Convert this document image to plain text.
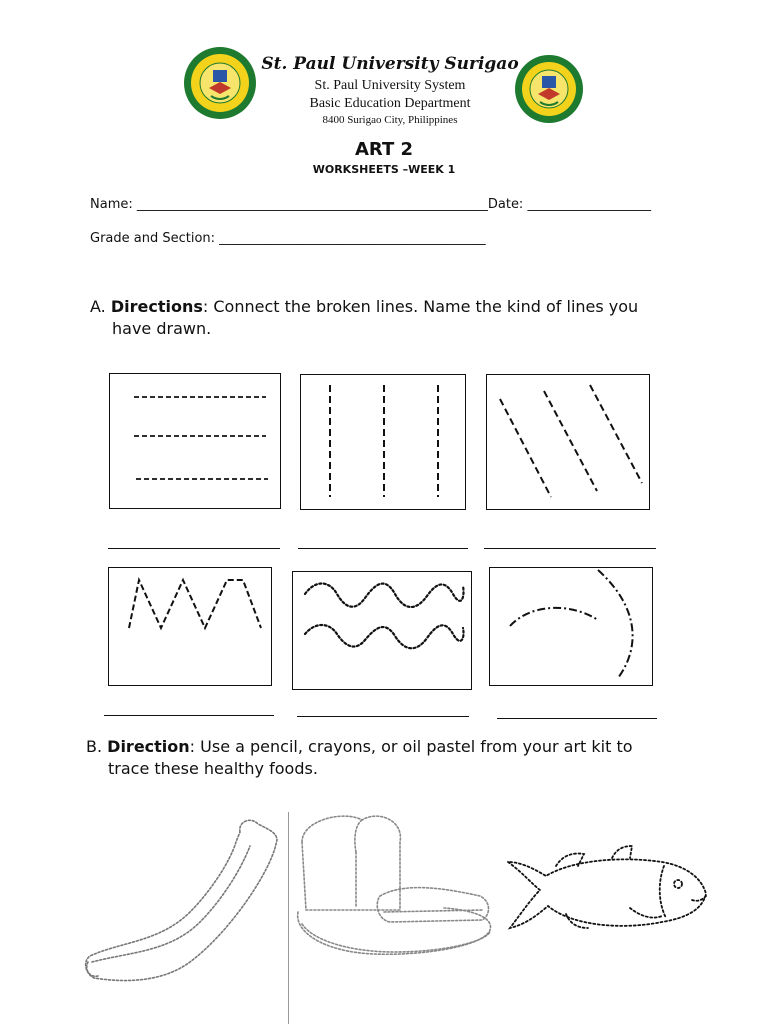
St. Paul University Surigao
St. Paul University System
Basic Education Department
8400 Surigao City, Philippines
ART 2
WORKSHEETS –WEEK 1
Name: ______________________________________________________Date: ___________________
Grade and Section: _________________________________________
A. Directions: Connect the broken lines. Name the kind of lines you
have drawn.
B. Direction: Use a pencil, crayons, or oil pastel from your art kit to
trace these healthy foods.
